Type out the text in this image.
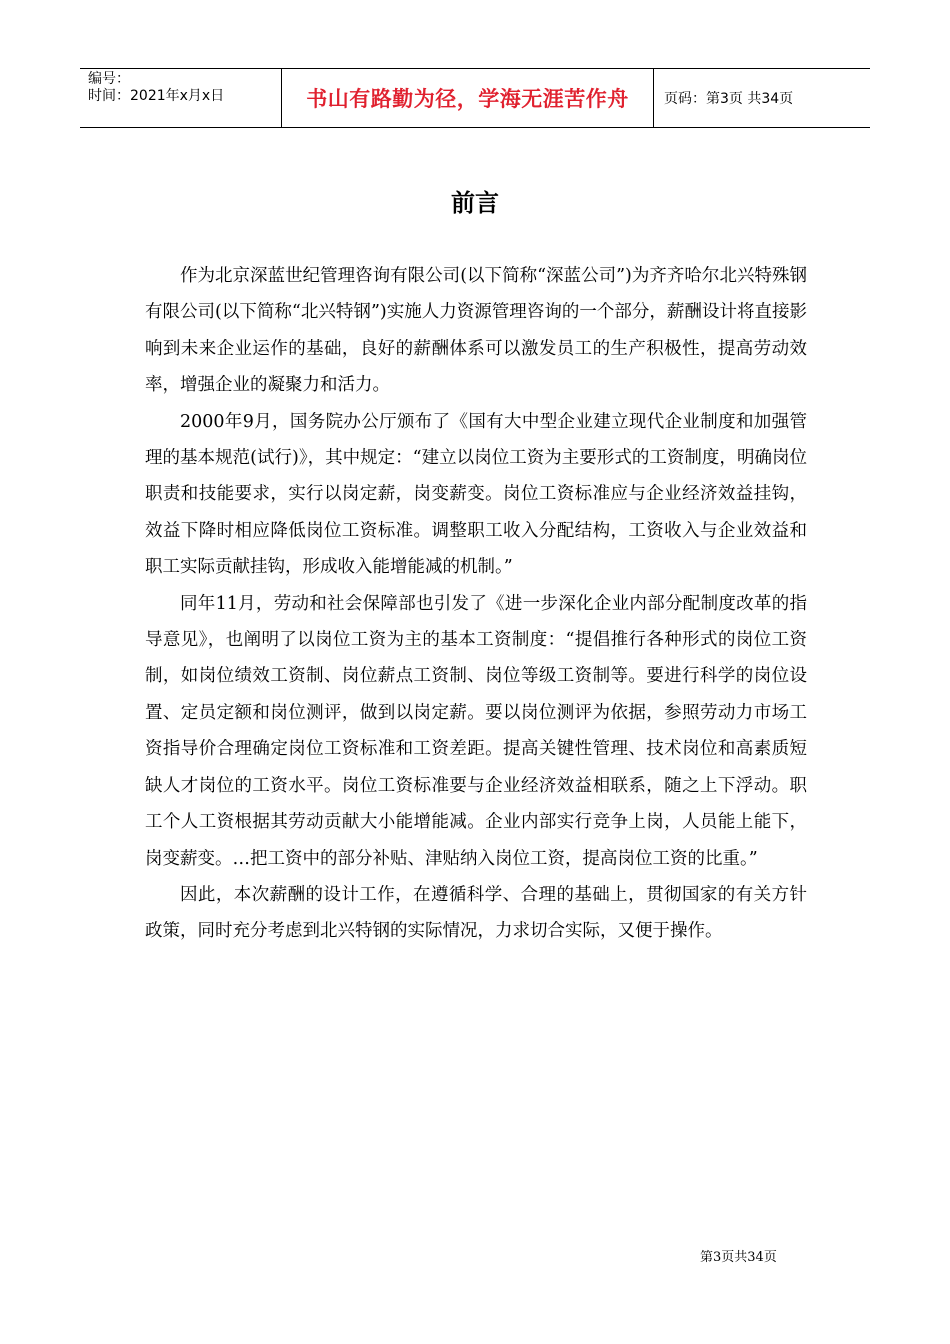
编号：
时间：2021年x月x日	书山有路勤为径，学海无涯苦作舟	页码：第3页 共34页
前言

作为北京深蓝世纪管理咨询有限公司(以下简称“深蓝公司”)为齐齐哈尔北兴特殊钢有限公司(以下简称“北兴特钢”)实施人力资源管理咨询的一个部分，薪酬设计将直接影响到未来企业运作的基础，良好的薪酬体系可以激发员工的生产积极性，提高劳动效率，增强企业的凝聚力和活力。

2000年9月，国务院办公厅颁布了《国有大中型企业建立现代企业制度和加强管理的基本规范(试行)》，其中规定：“建立以岗位工资为主要形式的工资制度，明确岗位职责和技能要求，实行以岗定薪，岗变薪变。岗位工资标准应与企业经济效益挂钩，效益下降时相应降低岗位工资标准。调整职工收入分配结构，工资收入与企业效益和职工实际贡献挂钩，形成收入能增能减的机制。”

同年11月，劳动和社会保障部也引发了《进一步深化企业内部分配制度改革的指导意见》，也阐明了以岗位工资为主的基本工资制度：“提倡推行各种形式的岗位工资制，如岗位绩效工资制、岗位薪点工资制、岗位等级工资制等。要进行科学的岗位设置、定员定额和岗位测评，做到以岗定薪。要以岗位测评为依据，参照劳动力市场工资指导价合理确定岗位工资标准和工资差距。提高关键性管理、技术岗位和高素质短缺人才岗位的工资水平。岗位工资标准要与企业经济效益相联系，随之上下浮动。职工个人工资根据其劳动贡献大小能增能减。企业内部实行竞争上岗，人员能上能下，岗变薪变。…把工资中的部分补贴、津贴纳入岗位工资，提高岗位工资的比重。”

因此，本次薪酬的设计工作，在遵循科学、合理的基础上，贯彻国家的有关方针政策，同时充分考虑到北兴特钢的实际情况，力求切合实际，又便于操作。

第3页共34页
